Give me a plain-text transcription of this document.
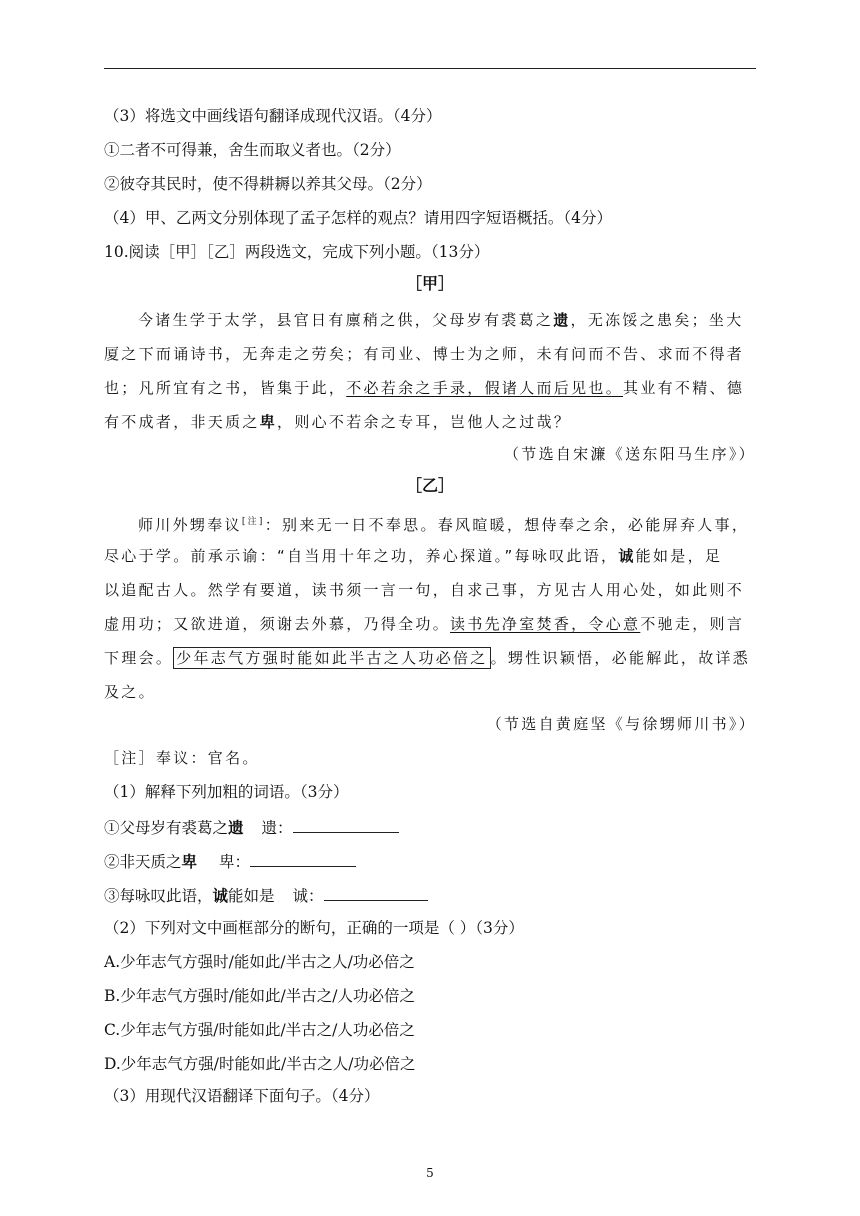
（3）将选文中画线语句翻译成现代汉语。（4分）
①二者不可得兼，舍生而取义者也。（2分）
②彼夺其民时，使不得耕耨以养其父母。（2分）
（4）甲、乙两文分别体现了孟子怎样的观点？请用四字短语概括。（4分）
10.阅读［甲］［乙］两段选文，完成下列小题。（13分）
［甲］
今诸生学于太学，县官日有廪稍之供，父母岁有裘葛之遗，无冻馁之患矣；坐大
厦之下而诵诗书，无奔走之劳矣；有司业、博士为之师，未有问而不告、求而不得者
也；凡所宜有之书，皆集于此，不必若余之手录，假诸人而后见也。其业有不精、德
有不成者，非天质之卑，则心不若余之专耳，岂他人之过哉？
（节选自宋濂《送东阳马生序》）
［乙］
师川外甥奉议[注]：别来无一日不奉思。春风暄暖，想侍奉之余，必能屏弃人事，
尽心于学。前承示谕：“自当用十年之功，养心探道。”每咏叹此语，诚能如是，足
以追配古人。然学有要道，读书须一言一句，自求己事，方见古人用心处，如此则不
虚用功；又欲进道，须谢去外慕，乃得全功。读书先净室焚香，令心意不驰走，则言
下理会。 少年志气方强时能如此半古之人功必倍之 。甥性识颖悟，必能解此，故详悉
及之。
（节选自黄庭坚《与徐甥师川书》）
［注］奉议：官名。
（1）解释下列加粗的词语。（3分）
①父母岁有裘葛之遗 遗：
②非天质之卑 卑：
③每咏叹此语，诚能如是 诚：
（2）下列对文中画框部分的断句，正确的一项是（ ）（3分）
A.少年志气方强时/能如此/半古之人/功必倍之
B.少年志气方强时/能如此/半古之/人功必倍之
C.少年志气方强/时能如此/半古之/人功必倍之
D.少年志气方强/时能如此/半古之人/功必倍之
（3）用现代汉语翻译下面句子。（4分）
5
